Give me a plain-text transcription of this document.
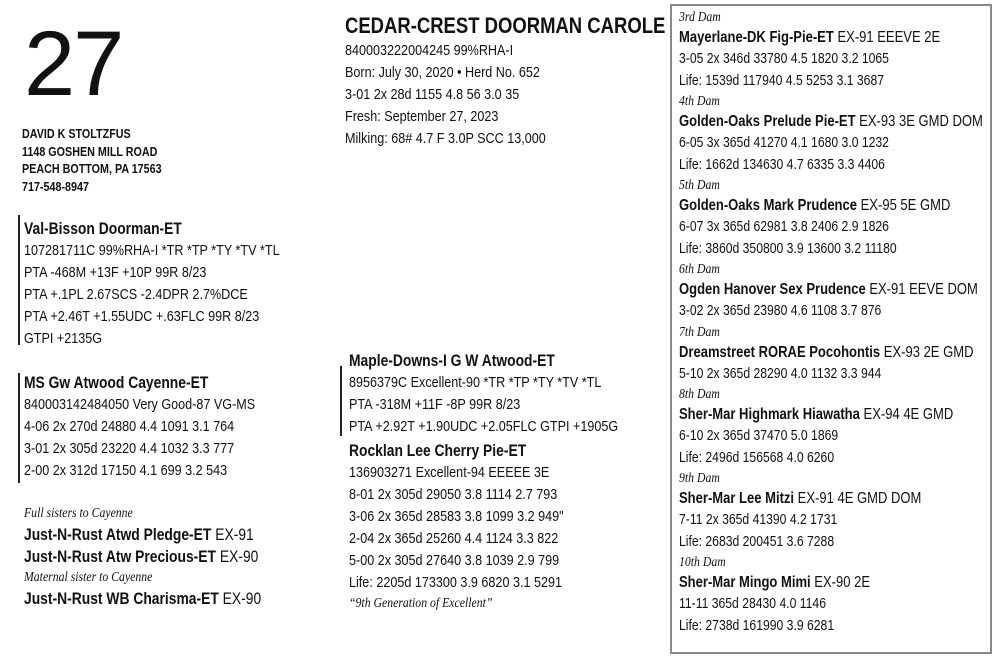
27
DAVID K STOLTZFUS
1148 GOSHEN MILL ROAD
PEACH BOTTOM, PA 17563
717-548-8947
CEDAR-CREST DOORMAN CAROLE
840003222004245 99%RHA-I
Born: July 30, 2020 • Herd No. 652
3-01 2x 28d 1155 4.8 56 3.0 35
Fresh: September 27, 2023
Milking: 68# 4.7 F 3.0P SCC 13,000
Val-Bisson Doorman-ET
107281711C 99%RHA-I *TR *TP *TY *TV *TL
PTA -468M +13F +10P 99R 8/23
PTA +.1PL 2.67SCS -2.4DPR 2.7%DCE
PTA +2.46T +1.55UDC +.63FLC 99R 8/23
GTPI +2135G
MS Gw Atwood Cayenne-ET
840003142484050 Very Good-87 VG-MS
4-06 2x 270d 24880 4.4 1091 3.1 764
3-01 2x 305d 23220 4.4 1032 3.3 777
2-00 2x 312d 17150 4.1 699 3.2 543
Full sisters to Cayenne
Just-N-Rust Atwd Pledge-ET EX-91
Just-N-Rust Atw Precious-ET EX-90
Maternal sister to Cayenne
Just-N-Rust WB Charisma-ET EX-90
Maple-Downs-I G W Atwood-ET
8956379C Excellent-90 *TR *TP *TY *TV *TL
PTA -318M +11F -8P 99R 8/23
PTA +2.92T +1.90UDC +2.05FLC GTPI +1905G
Rocklan Lee Cherry Pie-ET
136903271 Excellent-94 EEEEE 3E
8-01 2x 305d 29050 3.8 1114 2.7 793
3-06 2x 365d 28583 3.8 1099 3.2 949"
2-04 2x 365d 25260 4.4 1124 3.3 822
5-00 2x 305d 27640 3.8 1039 2.9 799
Life: 2205d 173300 3.9 6820 3.1 5291
“9th Generation of Excellent”
3rd Dam
Mayerlane-DK Fig-Pie-ET EX-91 EEEVE 2E
3-05 2x 346d 33780 4.5 1820 3.2 1065
Life: 1539d 117940 4.5 5253 3.1 3687
4th Dam
Golden-Oaks Prelude Pie-ET EX-93 3E GMD DOM
6-05 3x 365d 41270 4.1 1680 3.0 1232
Life: 1662d 134630 4.7 6335 3.3 4406
5th Dam
Golden-Oaks Mark Prudence EX-95 5E GMD
6-07 3x 365d 62981 3.8 2406 2.9 1826
Life: 3860d 350800 3.9 13600 3.2 11180
6th Dam
Ogden Hanover Sex Prudence EX-91 EEVE DOM
3-02 2x 365d 23980 4.6 1108 3.7 876
7th Dam
Dreamstreet RORAE Pocohontis EX-93 2E GMD
5-10 2x 365d 28290 4.0 1132 3.3 944
8th Dam
Sher-Mar Highmark Hiawatha EX-94 4E GMD
6-10 2x 365d 37470 5.0 1869
Life: 2496d 156568 4.0 6260
9th Dam
Sher-Mar Lee Mitzi EX-91 4E GMD DOM
7-11 2x 365d 41390 4.2 1731
Life: 2683d 200451 3.6 7288
10th Dam
Sher-Mar Mingo Mimi EX-90 2E
11-11 365d 28430 4.0 1146
Life: 2738d 161990 3.9 6281
